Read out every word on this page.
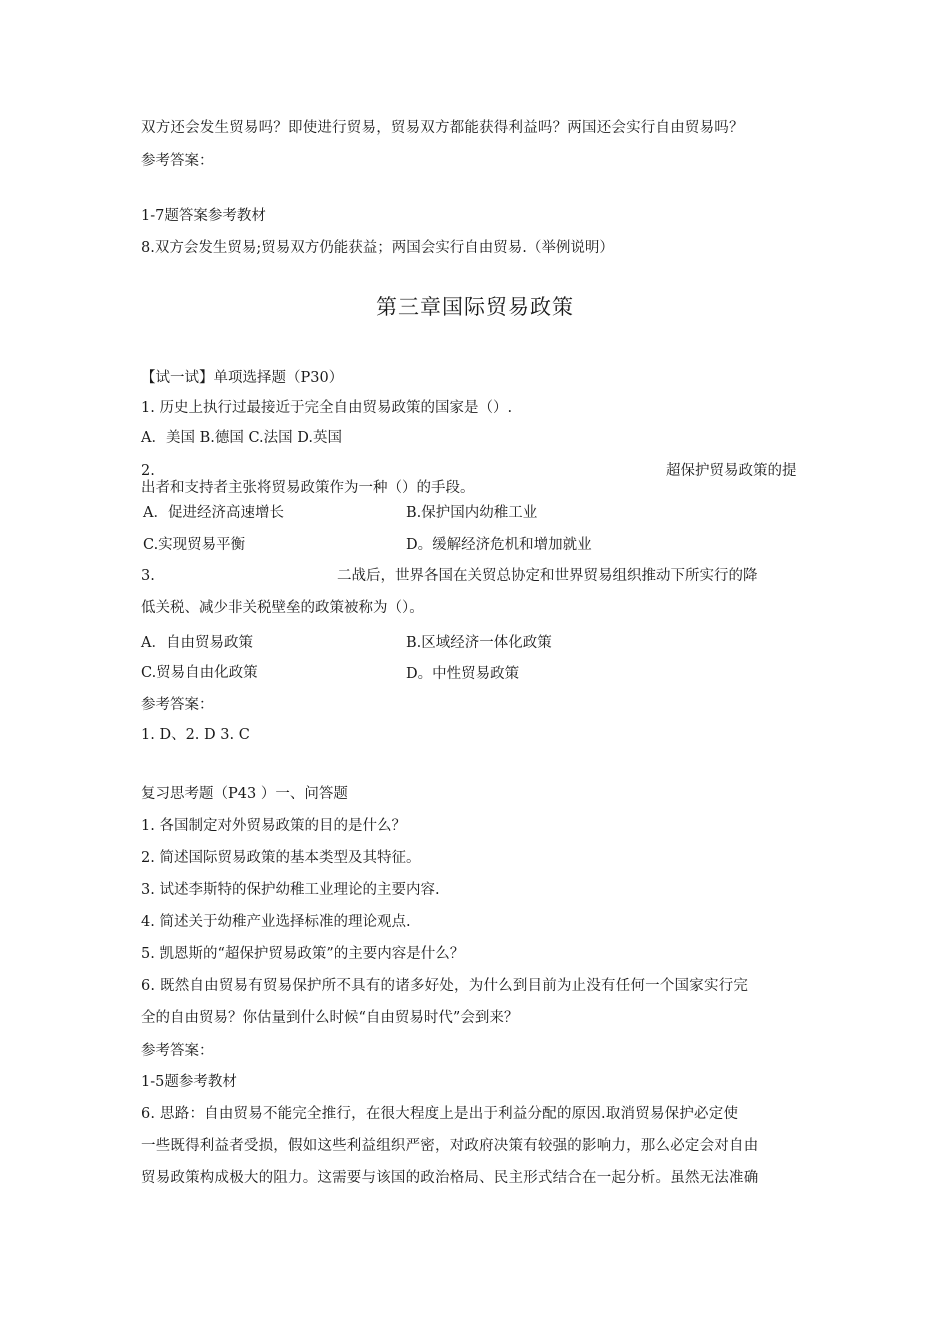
双方还会发生贸易吗？即使进行贸易，贸易双方都能获得利益吗？两国还会实行自由贸易吗？
参考答案：
1-7题答案参考教材
8.双方会发生贸易;贸易双方仍能获益；两国会实行自由贸易.（举例说明）
第三章国际贸易政策
【试一试】单项选择题（P30）
1. 历史上执行过最接近于完全自由贸易政策的国家是（）.
A．美国 B.德国 C.法国 D.英国
2.	超保护贸易政策的提
出者和支持者主张将贸易政策作为一种（）的手段。
A．促进经济高速增长	B.保护国内幼稚工业
C.实现贸易平衡	D。缓解经济危机和增加就业
3.	二战后，世界各国在关贸总协定和世界贸易组织推动下所实行的降
低关税、减少非关税壁垒的政策被称为（）。
A．自由贸易政策	B.区域经济一体化政策
C.贸易自由化政策	D。中性贸易政策
参考答案：
1. D、2. D 3. C
复习思考题（P43 ）一、问答题
1. 各国制定对外贸易政策的目的是什么？
2. 简述国际贸易政策的基本类型及其特征。
3. 试述李斯特的保护幼稚工业理论的主要内容.
4. 简述关于幼稚产业选择标准的理论观点.
5. 凯恩斯的“超保护贸易政策”的主要内容是什么？
6. 既然自由贸易有贸易保护所不具有的诸多好处，为什么到目前为止没有任何一个国家实行完
全的自由贸易？你估量到什么时候“自由贸易时代”会到来？
参考答案：
1-5题参考教材
6. 思路：自由贸易不能完全推行，在很大程度上是出于利益分配的原因.取消贸易保护必定使
一些既得利益者受损，假如这些利益组织严密，对政府决策有较强的影响力，那么必定会对自由
贸易政策构成极大的阻力。这需要与该国的政治格局、民主形式结合在一起分析。虽然无法准确
